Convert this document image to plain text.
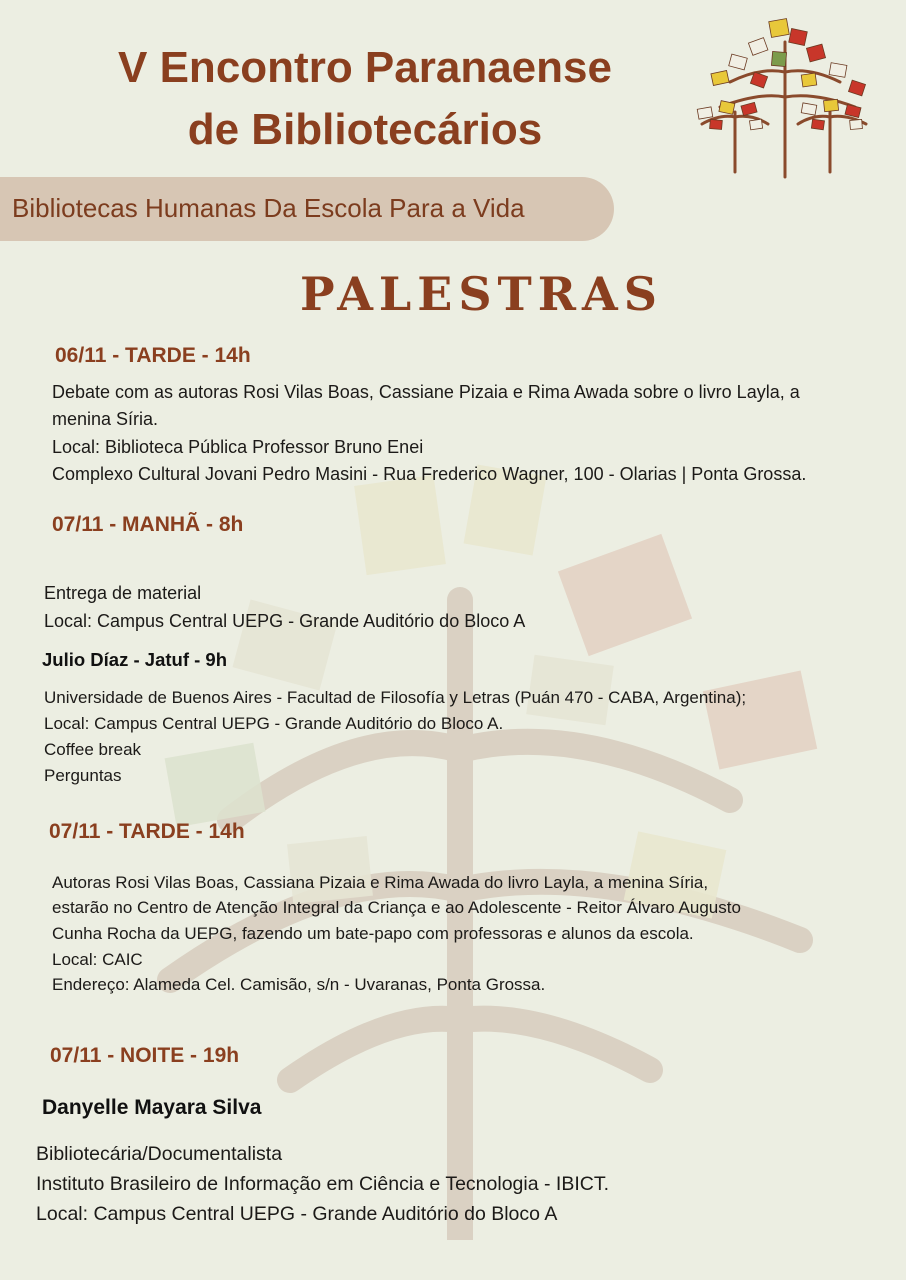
V Encontro Paranaense
de Bibliotecários
Bibliotecas Humanas Da Escola Para a Vida
PALESTRAS
06/11 - TARDE - 14h
Debate com as autoras Rosi Vilas Boas, Cassiane Pizaia e Rima Awada sobre o livro Layla, a
menina Síria.
Local: Biblioteca Pública Professor Bruno Enei
Complexo Cultural Jovani Pedro Masini - Rua Frederico Wagner, 100 - Olarias | Ponta Grossa.
07/11 - MANHÃ - 8h
Entrega de material
Local: Campus Central UEPG - Grande Auditório do Bloco A
Julio Díaz - Jatuf - 9h
Universidade de Buenos Aires - Facultad de Filosofía y Letras (Puán 470 - CABA, Argentina);
Local: Campus Central UEPG - Grande Auditório do Bloco A.
Coffee break
Perguntas
07/11 - TARDE - 14h
Autoras Rosi Vilas Boas, Cassiana Pizaia e Rima Awada do livro Layla, a menina Síria,
estarão no Centro de Atenção Integral da Criança e ao Adolescente - Reitor Álvaro Augusto
Cunha Rocha da UEPG, fazendo um bate-papo com professoras e alunos da escola.
Local: CAIC
Endereço: Alameda Cel. Camisão, s/n - Uvaranas, Ponta Grossa.
07/11 - NOITE - 19h
Danyelle Mayara Silva
Bibliotecária/Documentalista
Instituto Brasileiro de Informação em Ciência e Tecnologia - IBICT.
Local: Campus Central UEPG - Grande Auditório do Bloco A
